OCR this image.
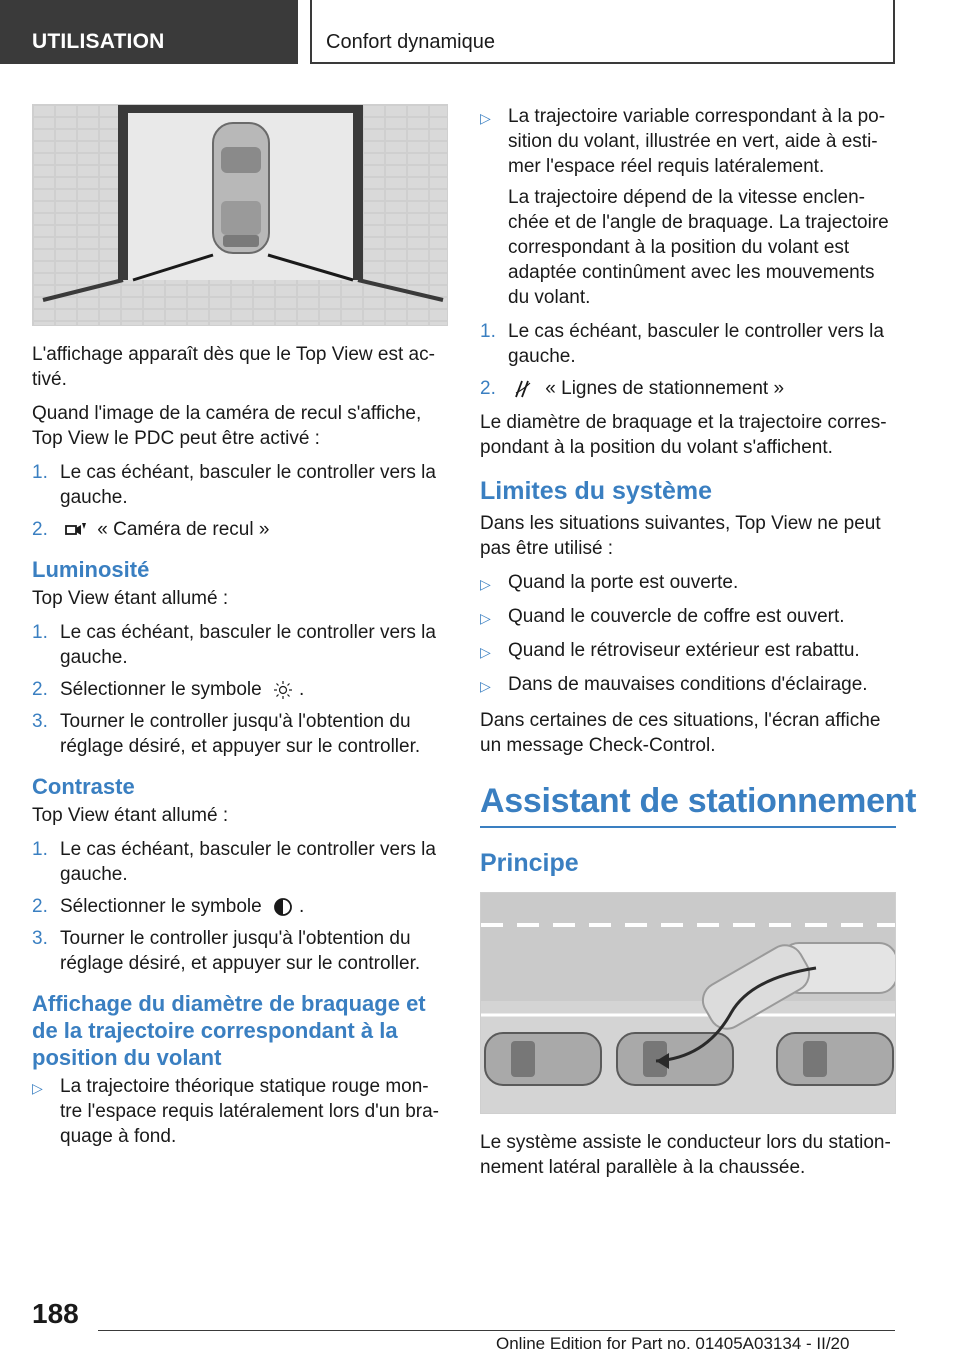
UTILISATION	Confort dynamique

L'affichage apparaît dès que le Top View est ac-tivé.

Quand l'image de la caméra de recul s'affiche, Top View le PDC peut être activé :

1. Le cas échéant, basculer le controller vers la gauche.
2.	« Caméra de recul »
Luminosité

Top View étant allumé :

1. Le cas échéant, basculer le controller vers la gauche.
2. Sélectionner le symbole .
3. Tourner le controller jusqu'à l'obtention du réglage désiré, et appuyer sur le controller.
Contraste

Top View étant allumé :

1. Le cas échéant, basculer le controller vers la gauche.
2. Sélectionner le symbole .
3. Tourner le controller jusqu'à l'obtention du réglage désiré, et appuyer sur le controller.
Affichage du diamètre de braquage et de la trajectoire correspondant à la position du volant
▷ La trajectoire théorique statique rouge mon-tre l'espace requis latéralement lors d'un bra-quage à fond.
▷ La trajectoire variable correspondant à la po-sition du volant, illustrée en vert, aide à esti-mer l'espace réel requis latéralement.
La trajectoire dépend de la vitesse enclen-chée et de l'angle de braquage. La trajectoire correspondant à la position du volant est adaptée continûment avec les mouvements du volant.
1. Le cas échéant, basculer le controller vers la gauche.
2.	« Lignes de stationnement »

Le diamètre de braquage et la trajectoire corres-pondant à la position du volant s'affichent.

Limites du système

Dans les situations suivantes, Top View ne peut pas être utilisé :

▷ Quand la porte est ouverte.
▷ Quand le couvercle de coffre est ouvert.
▷ Quand le rétroviseur extérieur est rabattu.
▷ Dans de mauvaises conditions d'éclairage.

Dans certaines de ces situations, l'écran affiche un message Check-Control.

Assistant de stationnement
Principe

Le système assiste le conducteur lors du station-nement latéral parallèle à la chaussée.

188
Online Edition for Part no. 01405A03134 - II/20
